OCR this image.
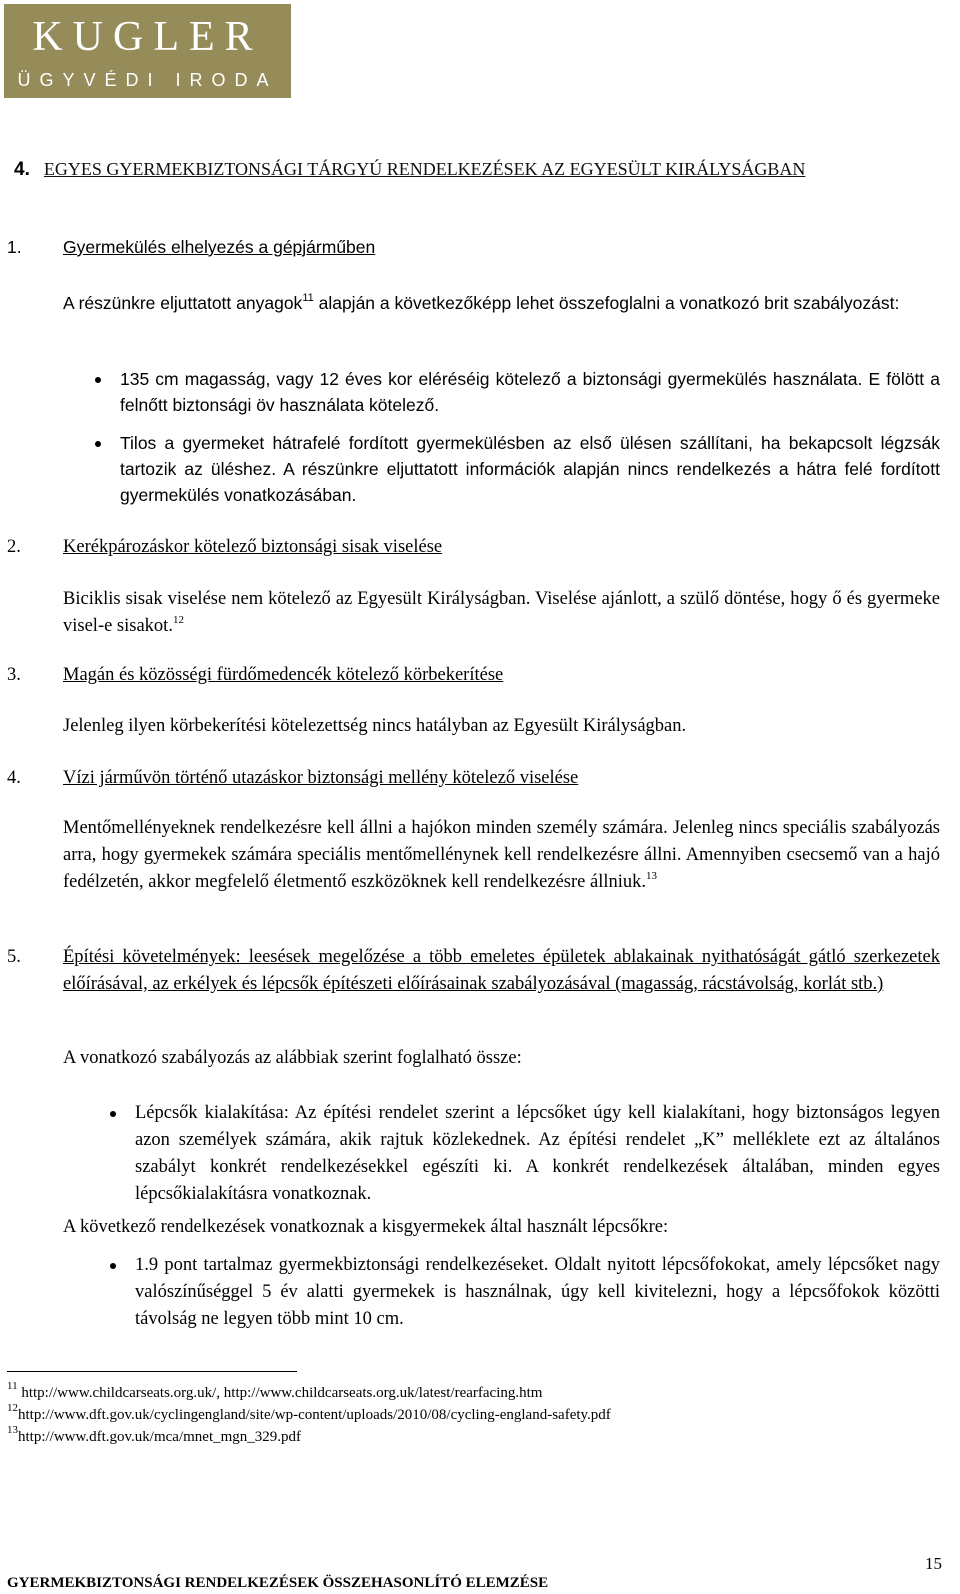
KUGLER
ÜGYVÉDI IRODA
4. EGYES GYERMEKBIZTONSÁGI TÁRGYÚ RENDELKEZÉSEK AZ EGYESÜLT KIRÁLYSÁGBAN
1. Gyermekülés elhelyezés a gépjárműben
A részünkre eljuttatott anyagok$^{11}$ alapján a következőképp lehet összefoglalni a vonatkozó brit szabályozást:
135 cm magasság, vagy 12 éves kor eléréséig kötelező a biztonsági gyermekülés használata. E fölött a felnőtt biztonsági öv használata kötelező.
Tilos a gyermeket hátrafelé fordított gyermekülésben az első ülésen szállítani, ha bekapcsolt légzsák tartozik az üléshez. A részünkre eljuttatott információk alapján nincs rendelkezés a hátra felé fordított gyermekülés vonatkozásában.
2. Kerékpározáskor kötelező biztonsági sisak viselése
Biciklis sisak viselése nem kötelező az Egyesült Királyságban. Viselése ajánlott, a szülő döntése, hogy ő és gyermeke visel-e sisakot.$^{12}$
3. Magán és közösségi fürdőmedencék kötelező körbekerítése
Jelenleg ilyen körbekerítési kötelezettség nincs hatályban az Egyesült Királyságban.
4. Vízi járművön történő utazáskor biztonsági mellény kötelező viselése
Mentőmellényeknek rendelkezésre kell állni a hajókon minden személy számára. Jelenleg nincs speciális szabályozás arra, hogy gyermekek számára speciális mentőmellénynek kell rendelkezésre állni. Amennyiben csecsemő van a hajó fedélzetén, akkor megfelelő életmentő eszközöknek kell rendelkezésre állniuk.$^{13}$
5. Építési követelmények: leesések megelőzése a több emeletes épületek ablakainak nyithatóságát gátló szerkezetek előírásával, az erkélyek és lépcsők építészeti előírásainak szabályozásával (magasság, rácstávolság, korlát stb.)
A vonatkozó szabályozás az alábbiak szerint foglalható össze:
Lépcsők kialakítása: Az építési rendelet szerint a lépcsőket úgy kell kialakítani, hogy biztonságos legyen azon személyek számára, akik rajtuk közlekednek. Az építési rendelet „K” melléklete ezt az általános szabályt konkrét rendelkezésekkel egészíti ki. A konkrét rendelkezések általában, minden egyes lépcsőkialakításra vonatkoznak.
A következő rendelkezések vonatkoznak a kisgyermekek által használt lépcsőkre:
1.9 pont tartalmaz gyermekbiztonsági rendelkezéseket. Oldalt nyitott lépcsőfokokat, amely lépcsőket nagy valószínűséggel 5 év alatti gyermekek is használnak, úgy kell kivitelezni, hogy a lépcsőfokok közötti távolság ne legyen több mint 10 cm.
$^{11}$ http://www.childcarseats.org.uk/, http://www.childcarseats.org.uk/latest/rearfacing.htm
$^{12}$http://www.dft.gov.uk/cyclingengland/site/wp-content/uploads/2010/08/cycling-england-safety.pdf
$^{13}$http://www.dft.gov.uk/mca/mnet_mgn_329.pdf
GYERMEKBIZTONSÁGI RENDELKEZÉSEK ÖSSZEHASONLÍTÓ ELEMZÉSE
15
